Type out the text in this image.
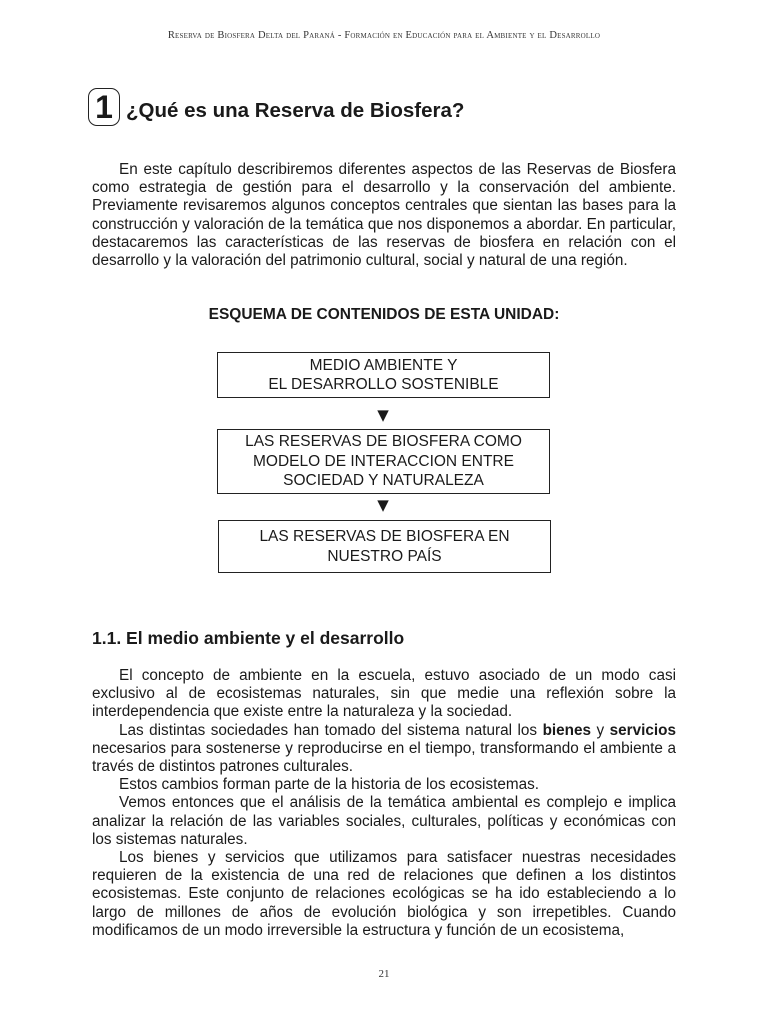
Reserva de Biosfera Delta del Paraná - Formación en Educación para el Ambiente y el Desarrollo
1 ¿Qué es una Reserva de Biosfera?

En este capítulo describiremos diferentes aspectos de las Reservas de Biosfera como estrategia de gestión para el desarrollo y la conservación del ambiente. Previamente revisaremos algunos conceptos centrales que sientan las bases para la construcción y valoración de la temática que nos disponemos a abordar. En particular, destacaremos las características de las reservas de biosfera en relación con el desarrollo y la valoración del patrimonio cultural, social y natural de una región.

ESQUEMA DE CONTENIDOS DE ESTA UNIDAD:
MEDIO AMBIENTE Y
EL DESARROLLO SOSTENIBLE
▼
LAS RESERVAS DE BIOSFERA COMO
MODELO DE INTERACCION ENTRE
SOCIEDAD Y NATURALEZA
▼
LAS RESERVAS DE BIOSFERA EN
NUESTRO PAÍS
1.1. El medio ambiente y el desarrollo

El concepto de ambiente en la escuela, estuvo asociado de un modo casi exclusivo al de ecosistemas naturales, sin que medie una reflexión sobre la interdependencia que existe entre la naturaleza y la sociedad.

Las distintas sociedades han tomado del sistema natural los bienes y servicios necesarios para sostenerse y reproducirse en el tiempo, transformando el ambiente a través de distintos patrones culturales.

Estos cambios forman parte de la historia de los ecosistemas.

Vemos entonces que el análisis de la temática ambiental es complejo e implica analizar la relación de las variables sociales, culturales, políticas y económicas con los sistemas naturales.

Los bienes y servicios que utilizamos para satisfacer nuestras necesidades requieren de la existencia de una red de relaciones que definen a los distintos ecosistemas. Este conjunto de relaciones ecológicas se ha ido estableciendo a lo largo de millones de años de evolución biológica y son irrepetibles. Cuando modificamos de un modo irreversible la estructura y función de un ecosistema,

21
